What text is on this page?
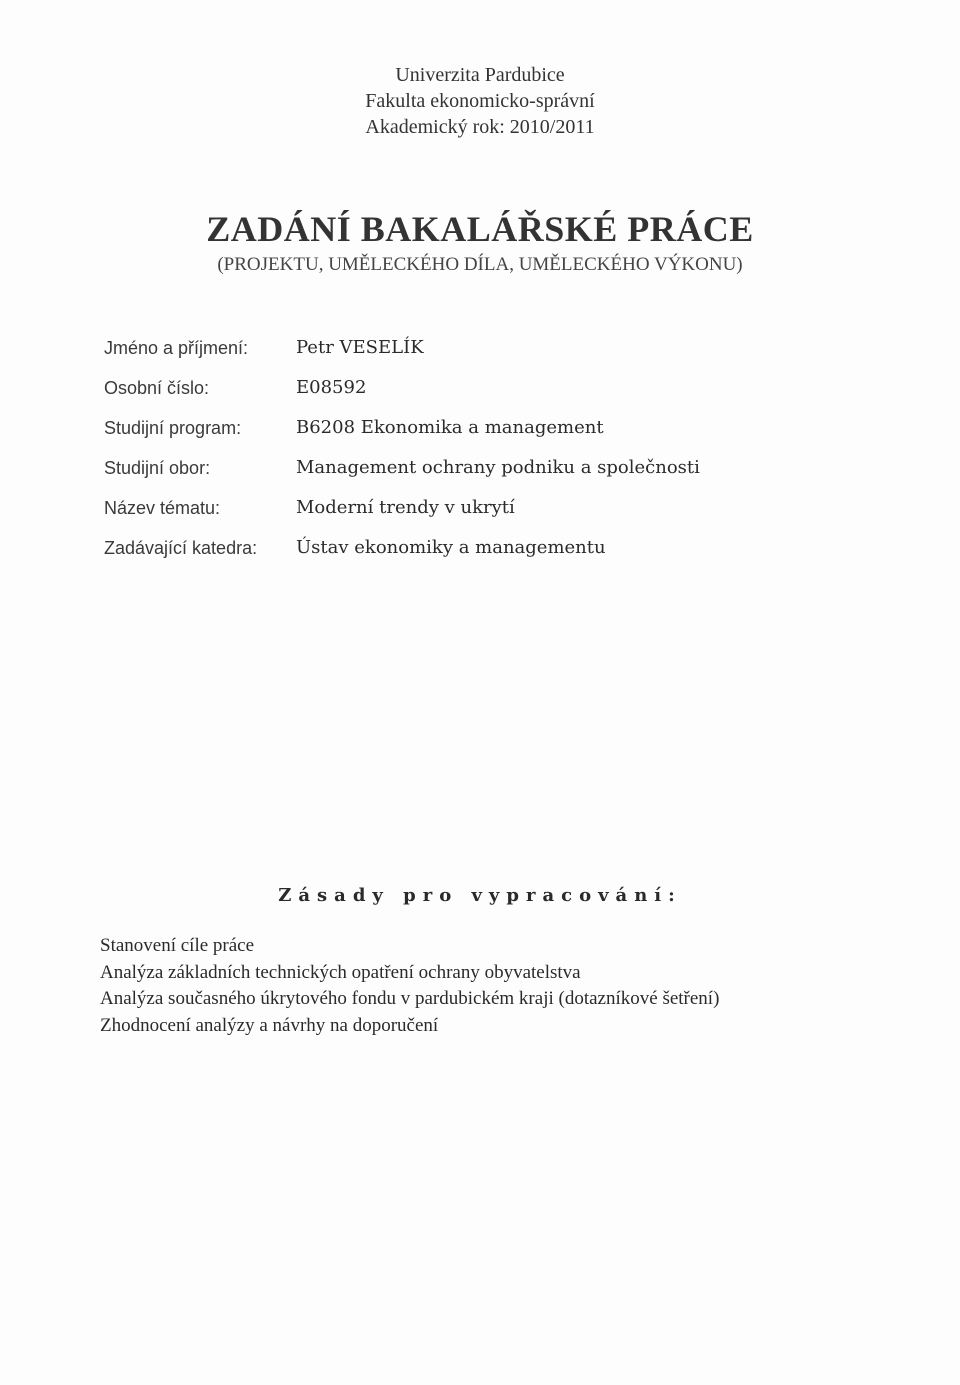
Univerzita Pardubice

Fakulta ekonomicko-správní

Akademický rok: 2010/2011

ZADÁNÍ BAKALÁŘSKÉ PRÁCE

(PROJEKTU, UMĚLECKÉHO DÍLA, UMĚLECKÉHO VÝKONU)

Jméno a příjmení:	Petr VESELÍK
Osobní číslo:	E08592
Studijní program:	B6208 Ekonomika a management
Studijní obor:	Management ochrany podniku a společnosti
Název tématu:	Moderní trendy v ukrytí
Zadávající katedra:	Ústav ekonomiky a managementu
Zásady pro vypracování:
Stanovení cíle práce
Analýza základních technických opatření ochrany obyvatelstva
Analýza současného úkrytového fondu v pardubickém kraji (dotazníkové šetření)
Zhodnocení analýzy a návrhy na doporučení
